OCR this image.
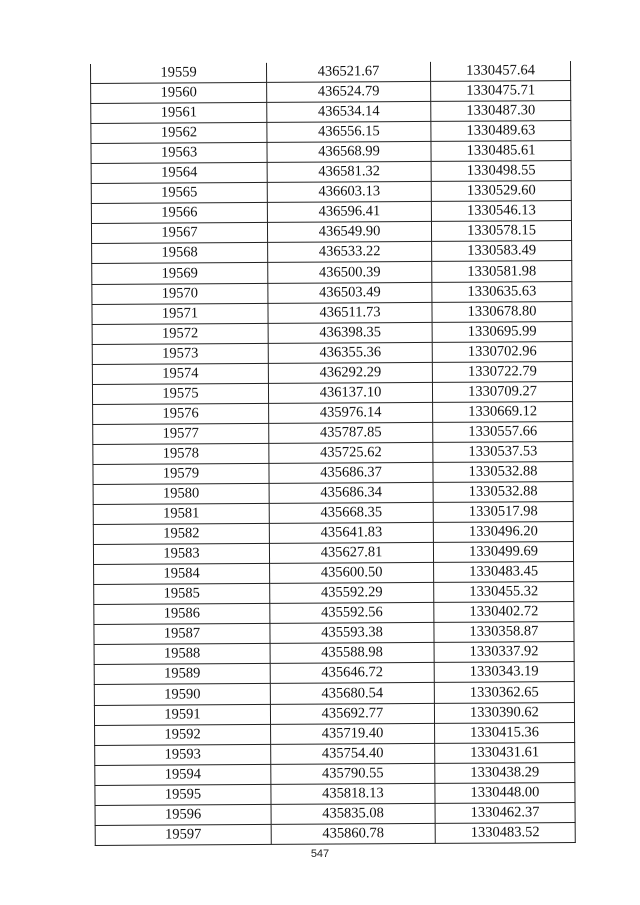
19559	436521.67	1330457.64
19560	436524.79	1330475.71
19561	436534.14	1330487.30
19562	436556.15	1330489.63
19563	436568.99	1330485.61
19564	436581.32	1330498.55
19565	436603.13	1330529.60
19566	436596.41	1330546.13
19567	436549.90	1330578.15
19568	436533.22	1330583.49
19569	436500.39	1330581.98
19570	436503.49	1330635.63
19571	436511.73	1330678.80
19572	436398.35	1330695.99
19573	436355.36	1330702.96
19574	436292.29	1330722.79
19575	436137.10	1330709.27
19576	435976.14	1330669.12
19577	435787.85	1330557.66
19578	435725.62	1330537.53
19579	435686.37	1330532.88
19580	435686.34	1330532.88
19581	435668.35	1330517.98
19582	435641.83	1330496.20
19583	435627.81	1330499.69
19584	435600.50	1330483.45
19585	435592.29	1330455.32
19586	435592.56	1330402.72
19587	435593.38	1330358.87
19588	435588.98	1330337.92
19589	435646.72	1330343.19
19590	435680.54	1330362.65
19591	435692.77	1330390.62
19592	435719.40	1330415.36
19593	435754.40	1330431.61
19594	435790.55	1330438.29
19595	435818.13	1330448.00
19596	435835.08	1330462.37
19597	435860.78	1330483.52
547
